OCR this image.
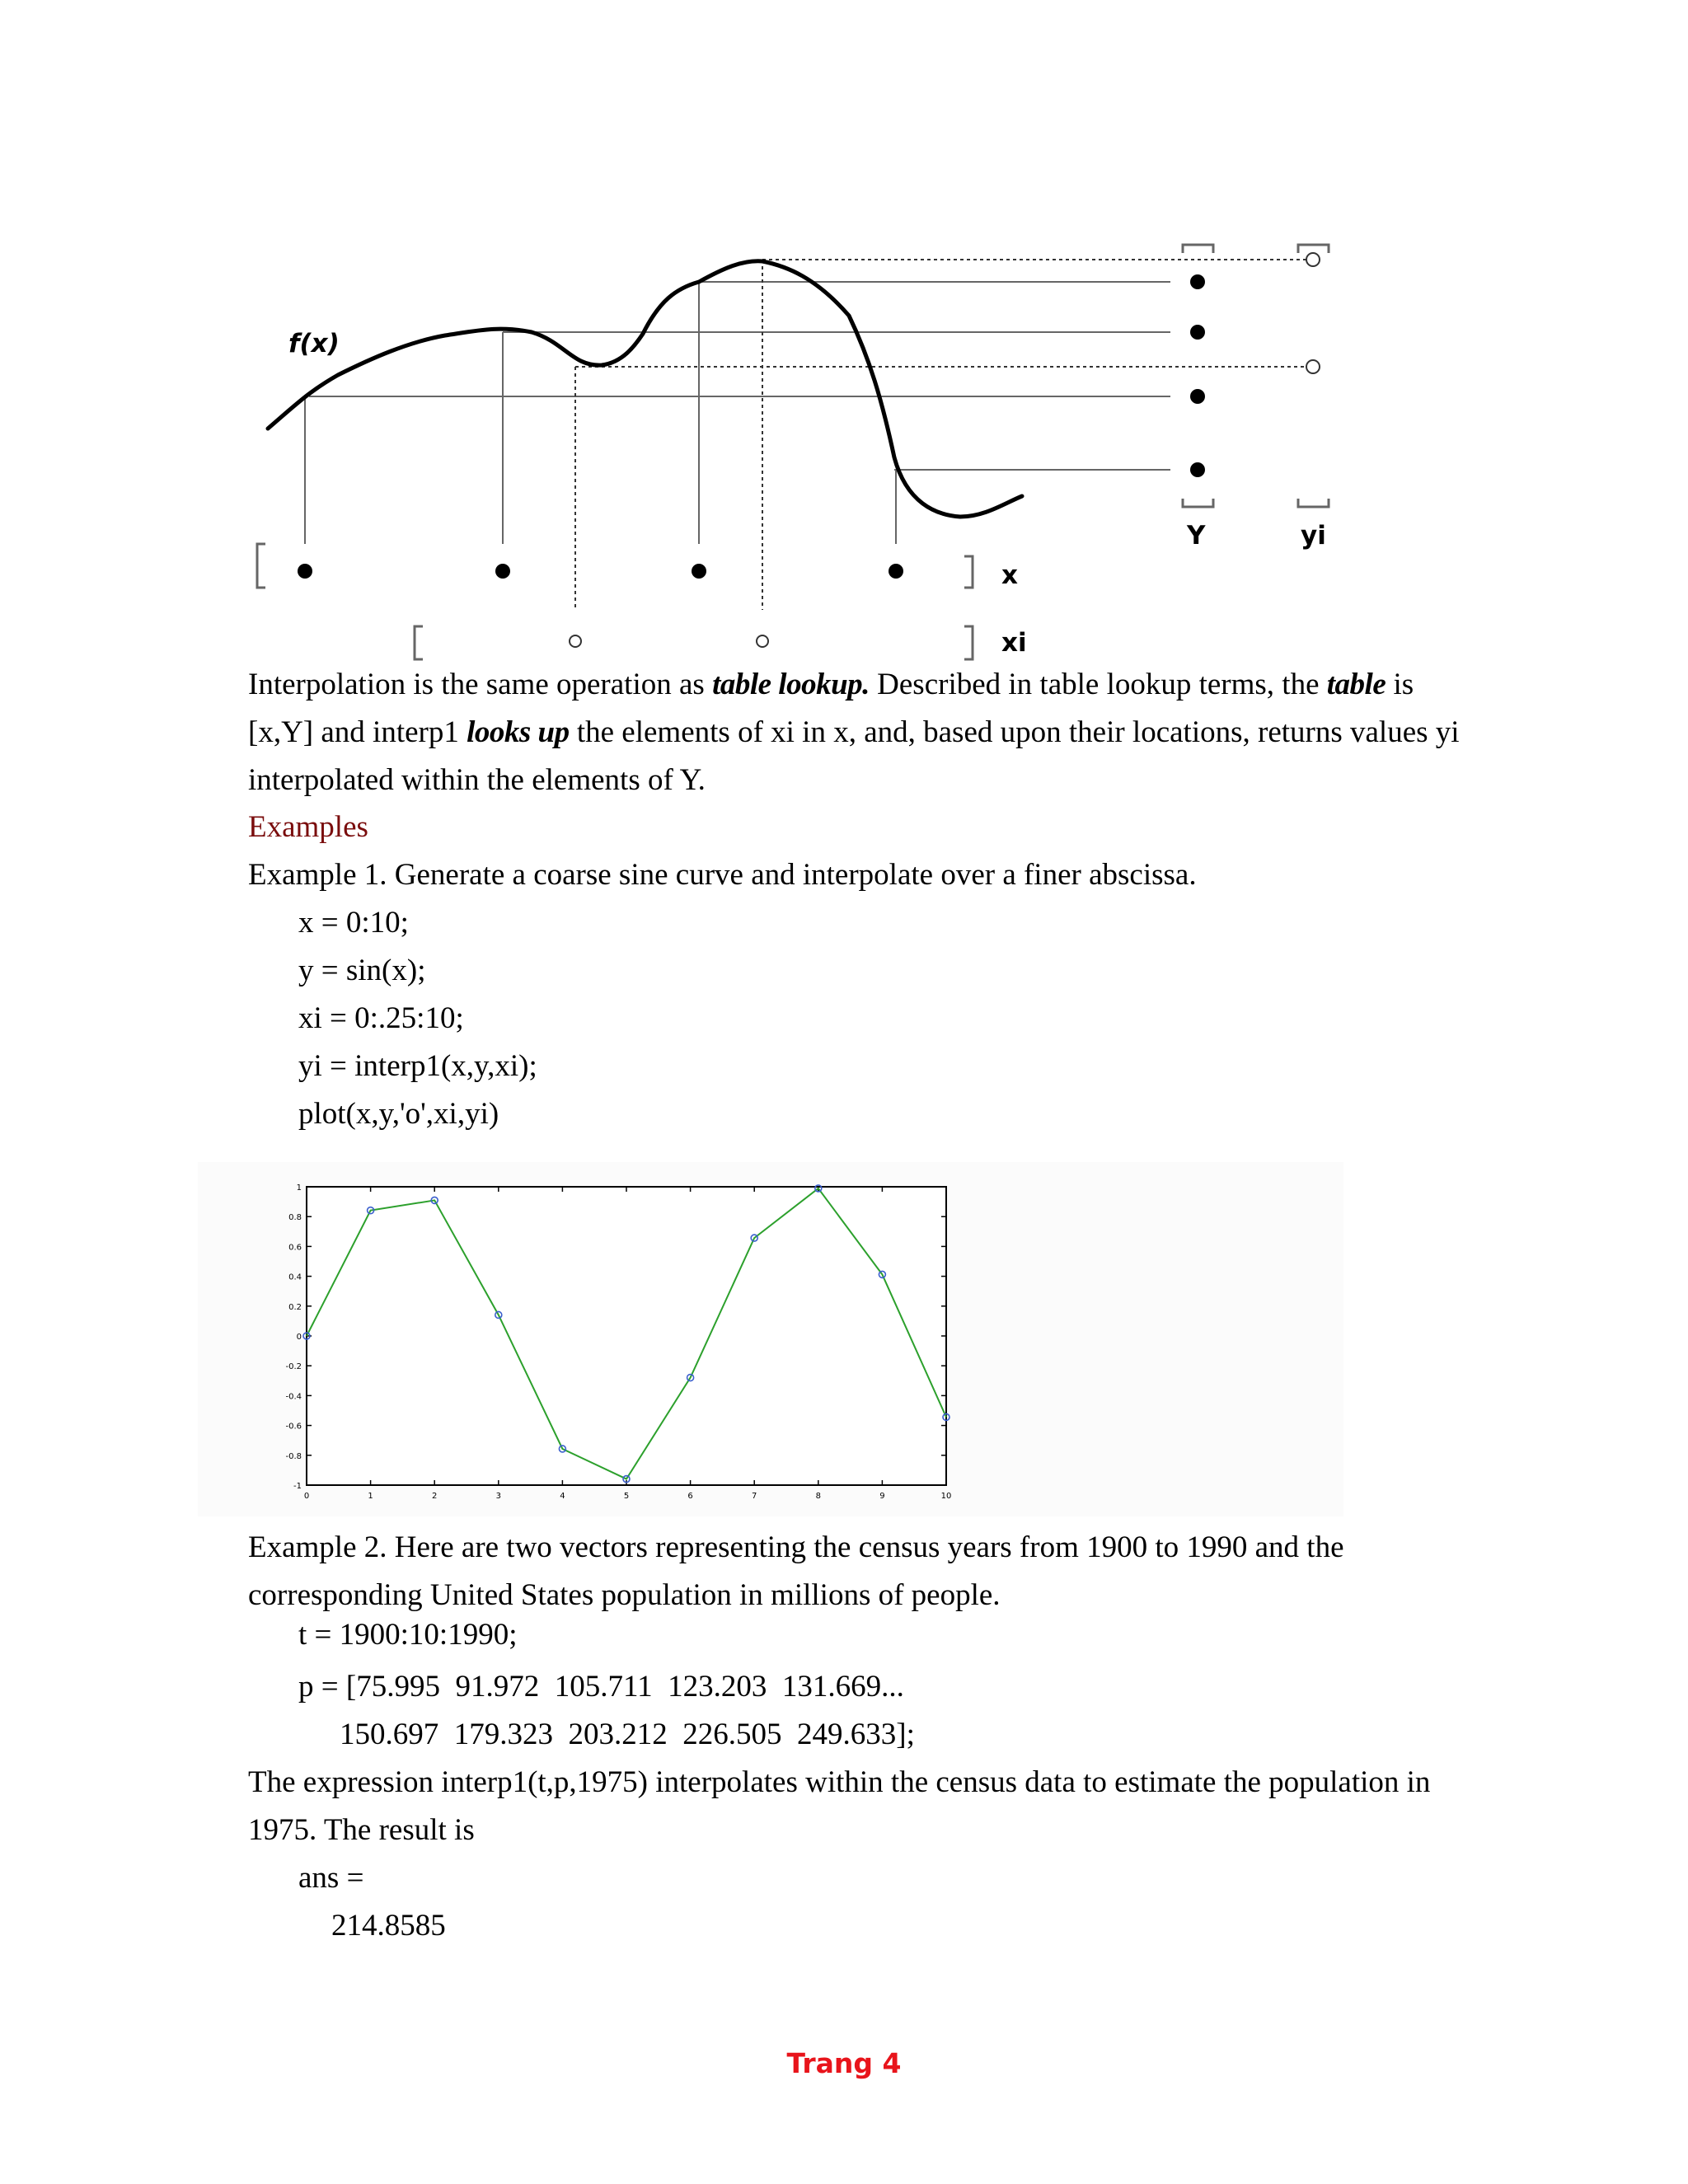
f(x)
x
xi
Y	yi

Interpolation is the same operation as table lookup. Described in table lookup terms, the table is [x,Y] and interp1 looks up the elements of xi in x, and, based upon their locations, returns values yi interpolated within the elements of Y.

Examples

Example 1. Generate a coarse sine curve and interpolate over a finer abscissa.

x = 0:10;
y = sin(x);
xi = 0:.25:10;
yi = interp1(x,y,xi);
plot(x,y,'o',xi,yi)
0	1	2	3	4	5	6	7	8	9	10
-1
-0.8
-0.6
-0.4
-0.2
0
0.2
0.4
0.6
0.8
1

Example 2. Here are two vectors representing the census years from 1900 to 1990 and the corresponding United States population in millions of people.

t = 1900:10:1990;
p = [75.995  91.972  105.711  123.203  131.669...
150.697  179.323  203.212  226.505  249.633];

The expression interp1(t,p,1975) interpolates within the census data to estimate the population in 1975. The result is

ans =
214.8585
Trang 4
